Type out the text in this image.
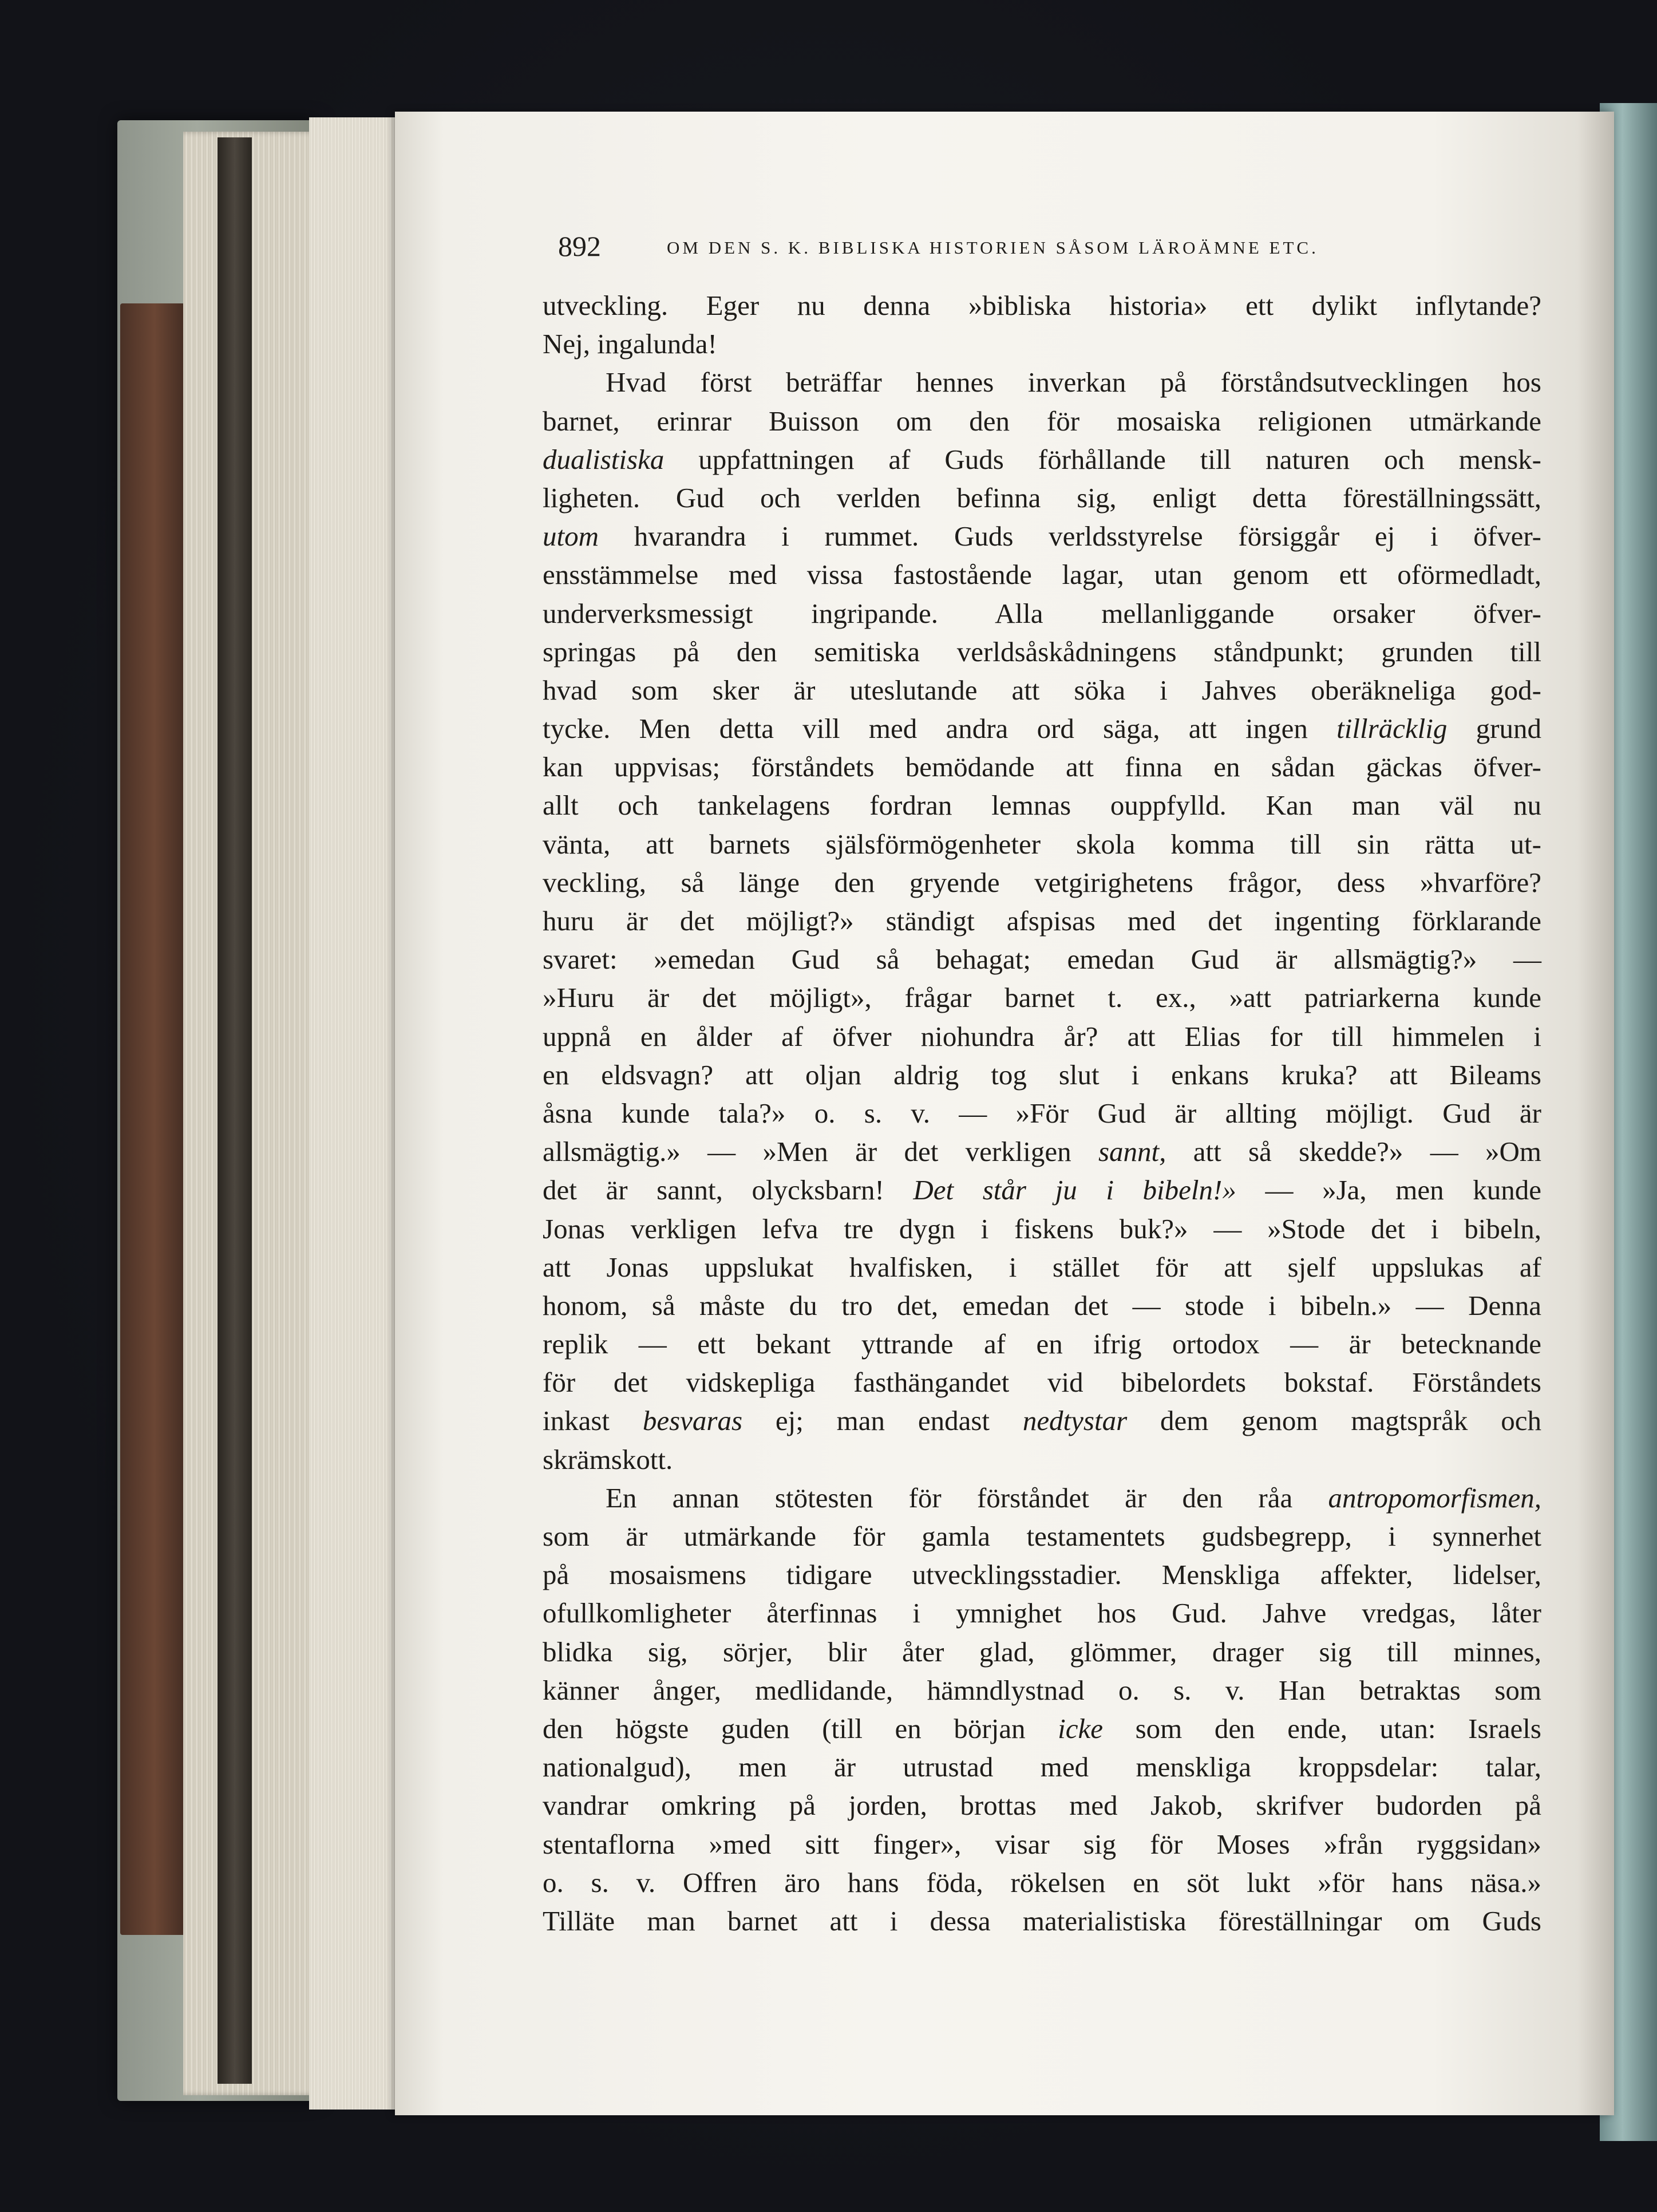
892	OM DEN S. K. BIBLISKA HISTORIEN SÅSOM LÄROÄMNE ETC.
utveckling. Eger nu denna »bibliska historia» ett dylikt inflytande?
Nej, ingalunda!
Hvad först beträffar hennes inverkan på förståndsutvecklingen hos
barnet, erinrar Buisson om den för mosaiska religionen utmärkande
dualistiska uppfattningen af Guds förhållande till naturen och mensk-
ligheten. Gud och verlden befinna sig, enligt detta föreställningssätt,
utom hvarandra i rummet. Guds verldsstyrelse försiggår ej i öfver-
ensstämmelse med vissa fastostående lagar, utan genom ett oförmedladt,
underverksmessigt ingripande. Alla mellanliggande orsaker öfver-
springas på den semitiska verldsåskådningens ståndpunkt; grunden till
hvad som sker är uteslutande att söka i Jahves oberäkneliga god-
tycke. Men detta vill med andra ord säga, att ingen tillräcklig grund
kan uppvisas; förståndets bemödande att finna en sådan gäckas öfver-
allt och tankelagens fordran lemnas ouppfylld. Kan man väl nu
vänta, att barnets själsförmögenheter skola komma till sin rätta ut-
veckling, så länge den gryende vetgirighetens frågor, dess »hvarföre?
huru är det möjligt?» ständigt afspisas med det ingenting förklarande
svaret: »emedan Gud så behagat; emedan Gud är allsmägtig?» —
»Huru är det möjligt», frågar barnet t. ex., »att patriarkerna kunde
uppnå en ålder af öfver niohundra år? att Elias for till himmelen i
en eldsvagn? att oljan aldrig tog slut i enkans kruka? att Bileams
åsna kunde tala?» o. s. v. — »För Gud är allting möjligt. Gud är
allsmägtig.» — »Men är det verkligen sannt, att så skedde?» — »Om
det är sannt, olycksbarn! Det står ju i bibeln!» — »Ja, men kunde
Jonas verkligen lefva tre dygn i fiskens buk?» — »Stode det i bibeln,
att Jonas uppslukat hvalfisken, i stället för att sjelf uppslukas af
honom, så måste du tro det, emedan det — stode i bibeln.» — Denna
replik — ett bekant yttrande af en ifrig ortodox — är betecknande
för det vidskepliga fasthängandet vid bibelordets bokstaf. Förståndets
inkast besvaras ej; man endast nedtystar dem genom magtspråk och
skrämskott.
En annan stötesten för förståndet är den råa antropomorfismen,
som är utmärkande för gamla testamentets gudsbegrepp, i synnerhet
på mosaismens tidigare utvecklingsstadier. Menskliga affekter, lidelser,
ofullkomligheter återfinnas i ymnighet hos Gud. Jahve vredgas, låter
blidka sig, sörjer, blir åter glad, glömmer, drager sig till minnes,
känner ånger, medlidande, hämndlystnad o. s. v. Han betraktas som
den högste guden (till en början icke som den ende, utan: Israels
nationalgud), men är utrustad med menskliga kroppsdelar: talar,
vandrar omkring på jorden, brottas med Jakob, skrifver budorden på
stentaflorna »med sitt finger», visar sig för Moses »från ryggsidan»
o. s. v. Offren äro hans föda, rökelsen en söt lukt »för hans näsa.»
Tilläte man barnet att i dessa materialistiska föreställningar om Guds
